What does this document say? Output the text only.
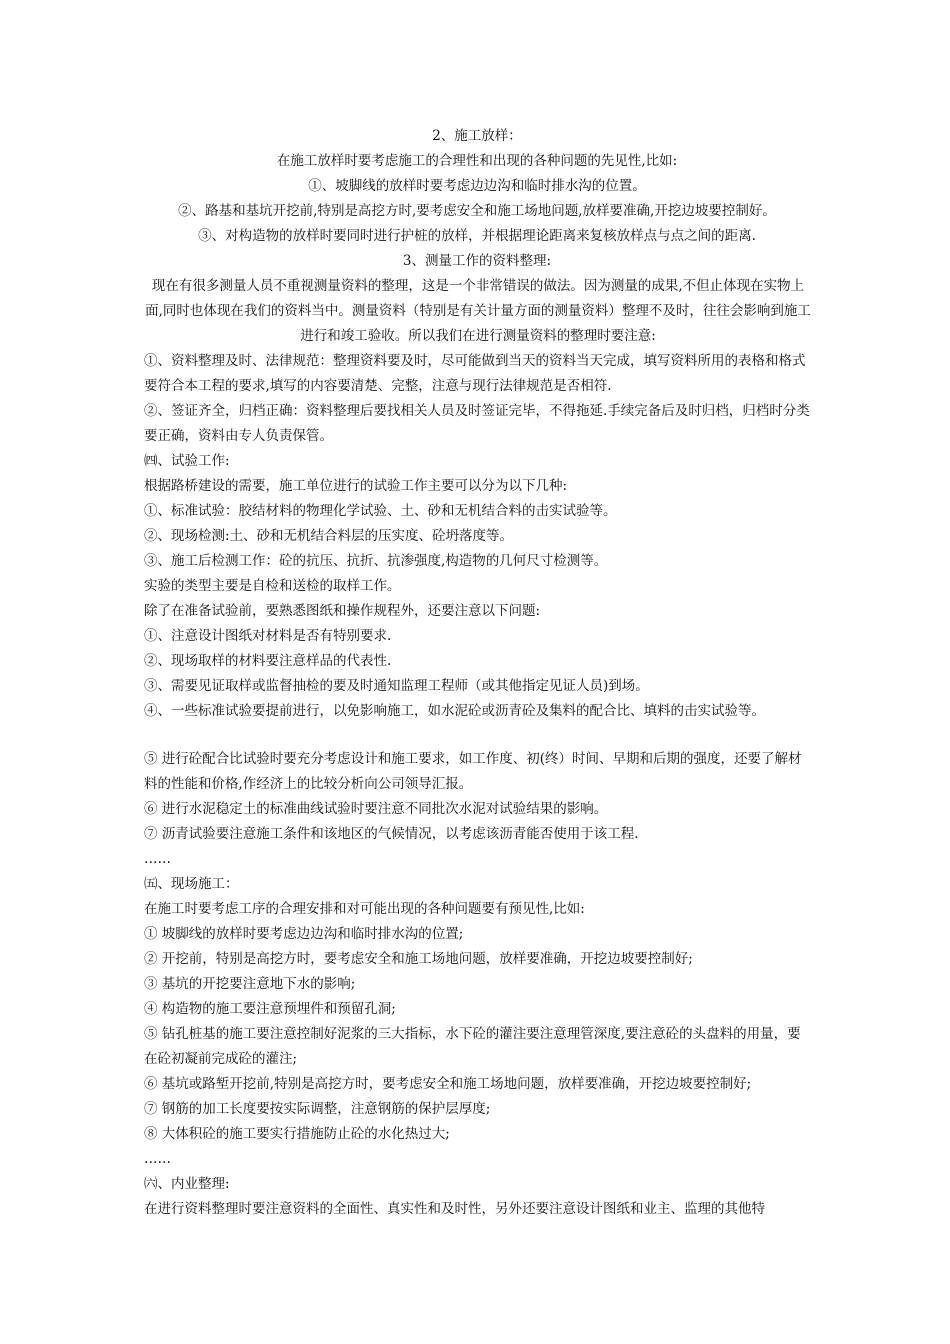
2、施工放样：
在施工放样时要考虑施工的合理性和出现的各种问题的先见性,比如:
①、坡脚线的放样时要考虑边边沟和临时排水沟的位置。
②、路基和基坑开挖前,特别是高挖方时,要考虑安全和施工场地问题,放样要准确,开挖边坡要控制好。
③、对构造物的放样时要同时进行护桩的放样，并根据理论距离来复核放样点与点之间的距离.
3、测量工作的资料整理:
现在有很多测量人员不重视测量资料的整理，这是一个非常错误的做法。因为测量的成果,不但止体现在实物上面,同时也体现在我们的资料当中。测量资料（特别是有关计量方面的测量资料）整理不及时，往往会影响到施工进行和竣工验收。所以我们在进行测量资料的整理时要注意:
①、资料整理及时、法律规范：整理资料要及时，尽可能做到当天的资料当天完成，填写资料所用的表格和格式要符合本工程的要求,填写的内容要清楚、完整，注意与现行法律规范是否相符.
②、签证齐全，归档正确：资料整理后要找相关人员及时签证完毕，不得拖延.手续完备后及时归档，归档时分类要正确，资料由专人负责保管。
㈣、试验工作:
根据路桥建设的需要，施工单位进行的试验工作主要可以分为以下几种:
①、标准试验：胶结材料的物理化学试验、土、砂和无机结合料的击实试验等。
②、现场检测:土、砂和无机结合料层的压实度、砼坍落度等。
③、施工后检测工作：砼的抗压、抗折、抗渗强度,构造物的几何尺寸检测等。
实验的类型主要是自检和送检的取样工作。
除了在准备试验前，要熟悉图纸和操作规程外，还要注意以下问题:
①、注意设计图纸对材料是否有特别要求.
②、现场取样的材料要注意样品的代表性.
③、需要见证取样或监督抽检的要及时通知监理工程师（或其他指定见证人员)到场。
④、一些标准试验要提前进行，以免影响施工，如水泥砼或沥青砼及集料的配合比、填料的击实试验等。
⑤ 进行砼配合比试验时要充分考虑设计和施工要求，如工作度、初(终）时间、早期和后期的强度，还要了解材料的性能和价格,作经济上的比较分析向公司领导汇报。
⑥ 进行水泥稳定土的标准曲线试验时要注意不同批次水泥对试验结果的影响。
⑦ 沥青试验要注意施工条件和该地区的气候情况，以考虑该沥青能否使用于该工程.
……
㈤、现场施工：
在施工时要考虑工序的合理安排和对可能出现的各种问题要有预见性,比如:
① 坡脚线的放样时要考虑边边沟和临时排水沟的位置;
② 开挖前，特别是高挖方时，要考虑安全和施工场地问题，放样要准确，开挖边坡要控制好;
③ 基坑的开挖要注意地下水的影响;
④ 构造物的施工要注意预埋件和预留孔洞;
⑤ 钻孔桩基的施工要注意控制好泥浆的三大指标，水下砼的灌注要注意理管深度,要注意砼的头盘料的用量，要在砼初凝前完成砼的灌注;
⑥ 基坑或路堑开挖前,特别是高挖方时，要考虑安全和施工场地问题，放样要准确，开挖边坡要控制好;
⑦ 钢筋的加工长度要按实际调整，注意钢筋的保护层厚度;
⑧ 大体积砼的施工要实行措施防止砼的水化热过大;
……
㈥、内业整理:
在进行资料整理时要注意资料的全面性、真实性和及时性，另外还要注意设计图纸和业主、监理的其他特
